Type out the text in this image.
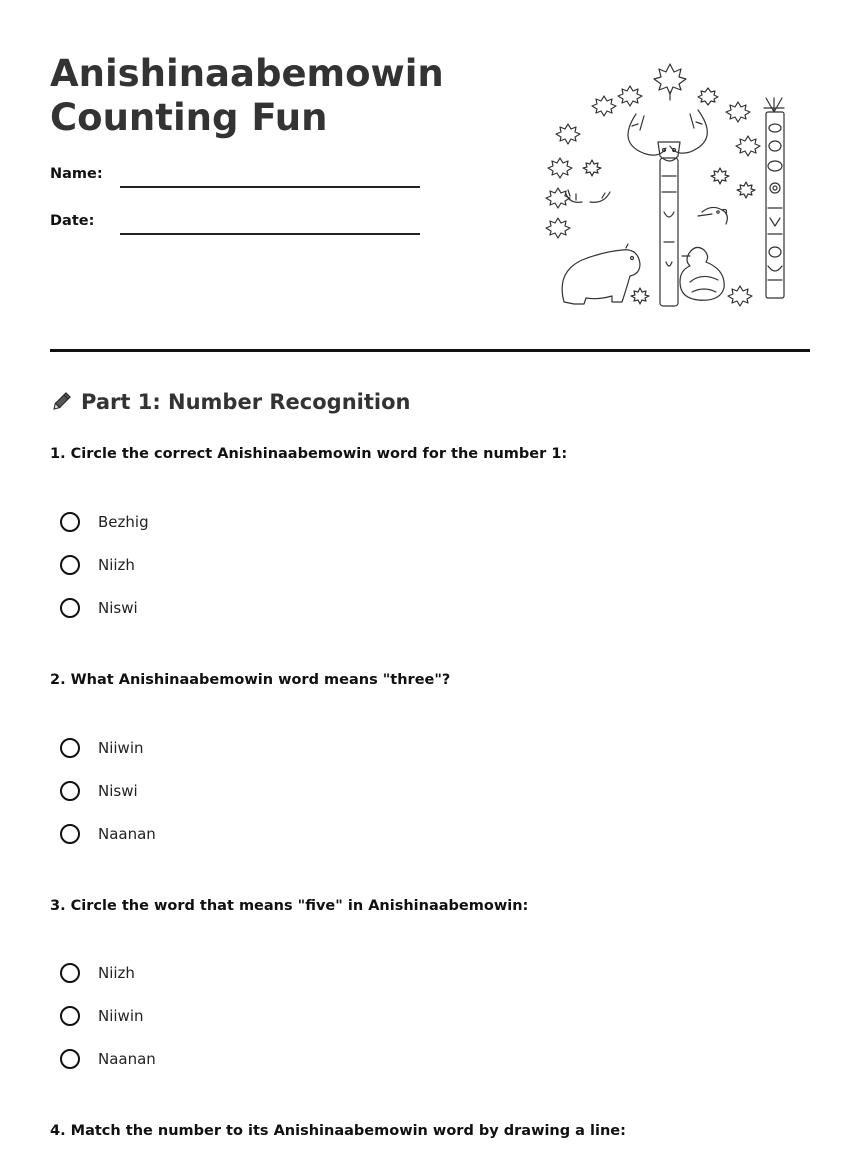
Anishinaabemowin
Counting Fun
Name:
Date:
Part 1: Number Recognition

1. Circle the correct Anishinaabemowin word for the number 1:

Bezhig
Niizh
Niswi

2. What Anishinaabemowin word means "three"?

Niiwin
Niswi
Naanan

3. Circle the word that means "five" in Anishinaabemowin:

Niizh
Niiwin
Naanan

4. Match the number to its Anishinaabemowin word by drawing a line:
